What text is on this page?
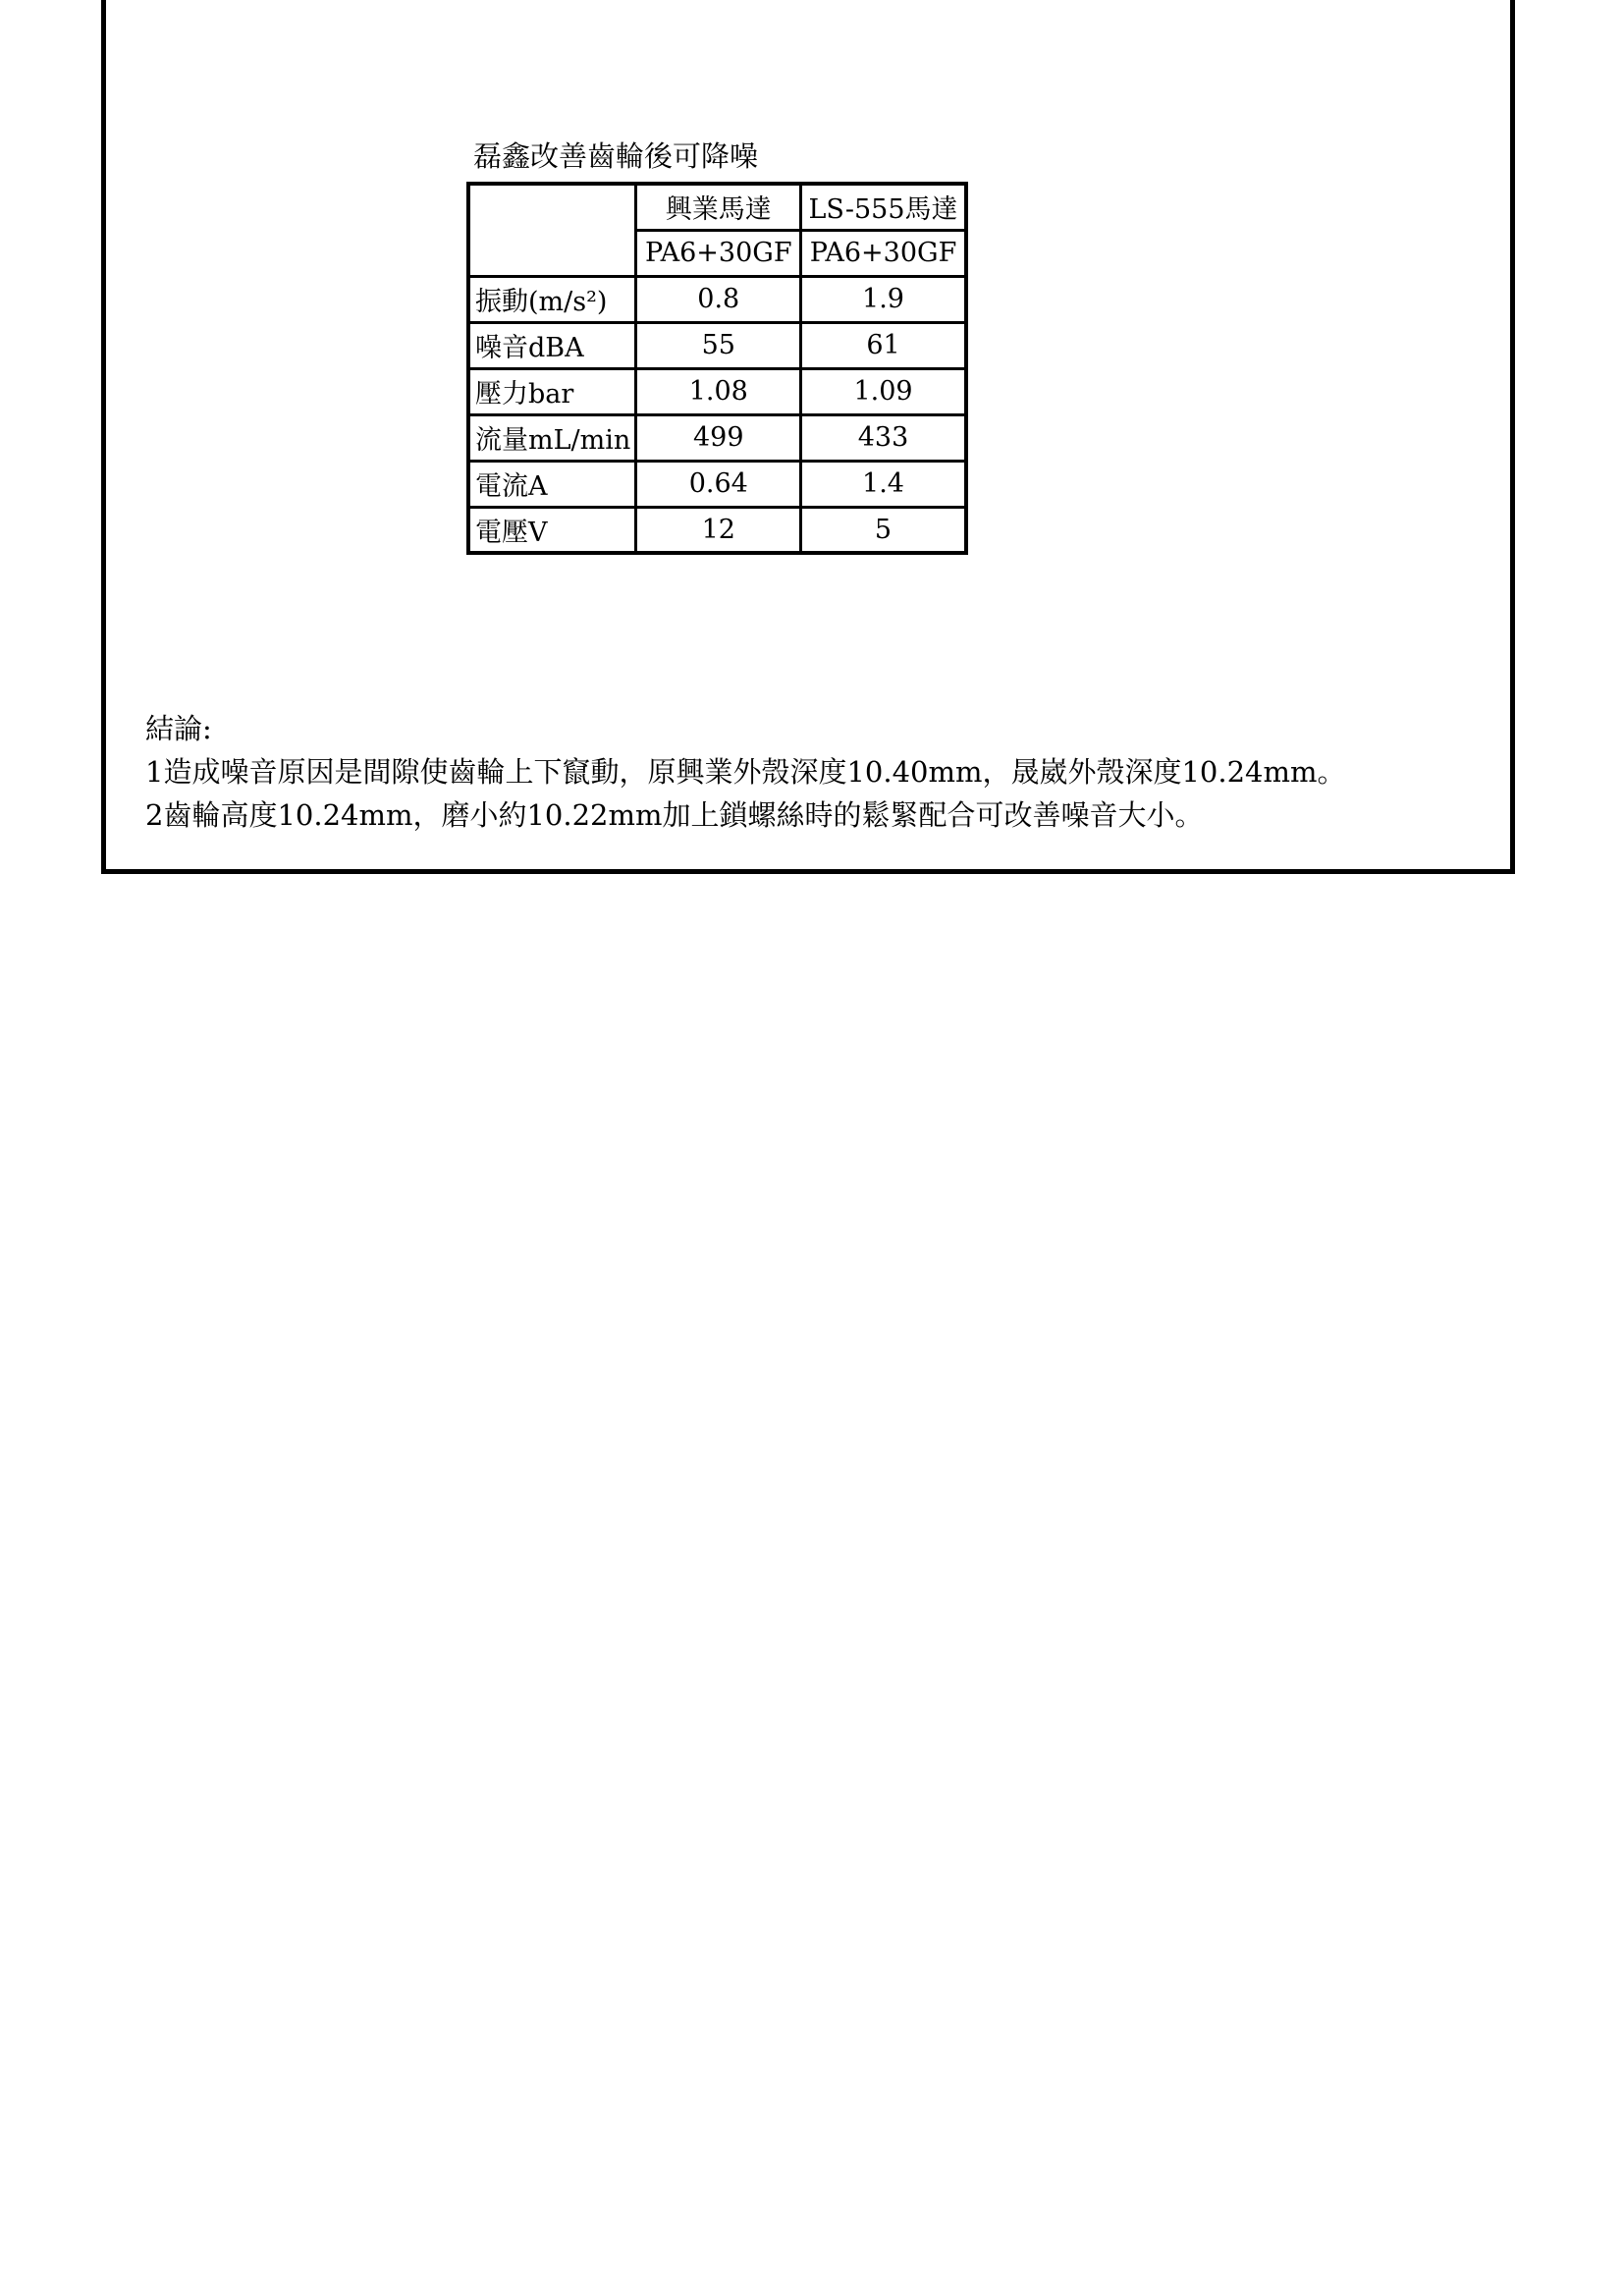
磊鑫改善齒輪後可降噪
	興業馬達	LS-555馬達
	PA6+30GF	PA6+30GF
振動(m/s²)	0.8	1.9
噪音dBA	55	61
壓力bar	1.08	1.09
流量mL/min	499	433
電流A	0.64	1.4
電壓V	12	5
結論:
1造成噪音原因是間隙使齒輪上下竄動，原興業外殼深度10.40mm，晟崴外殼深度10.24mm。
2齒輪高度10.24mm，磨小約10.22mm加上鎖螺絲時的鬆緊配合可改善噪音大小。
